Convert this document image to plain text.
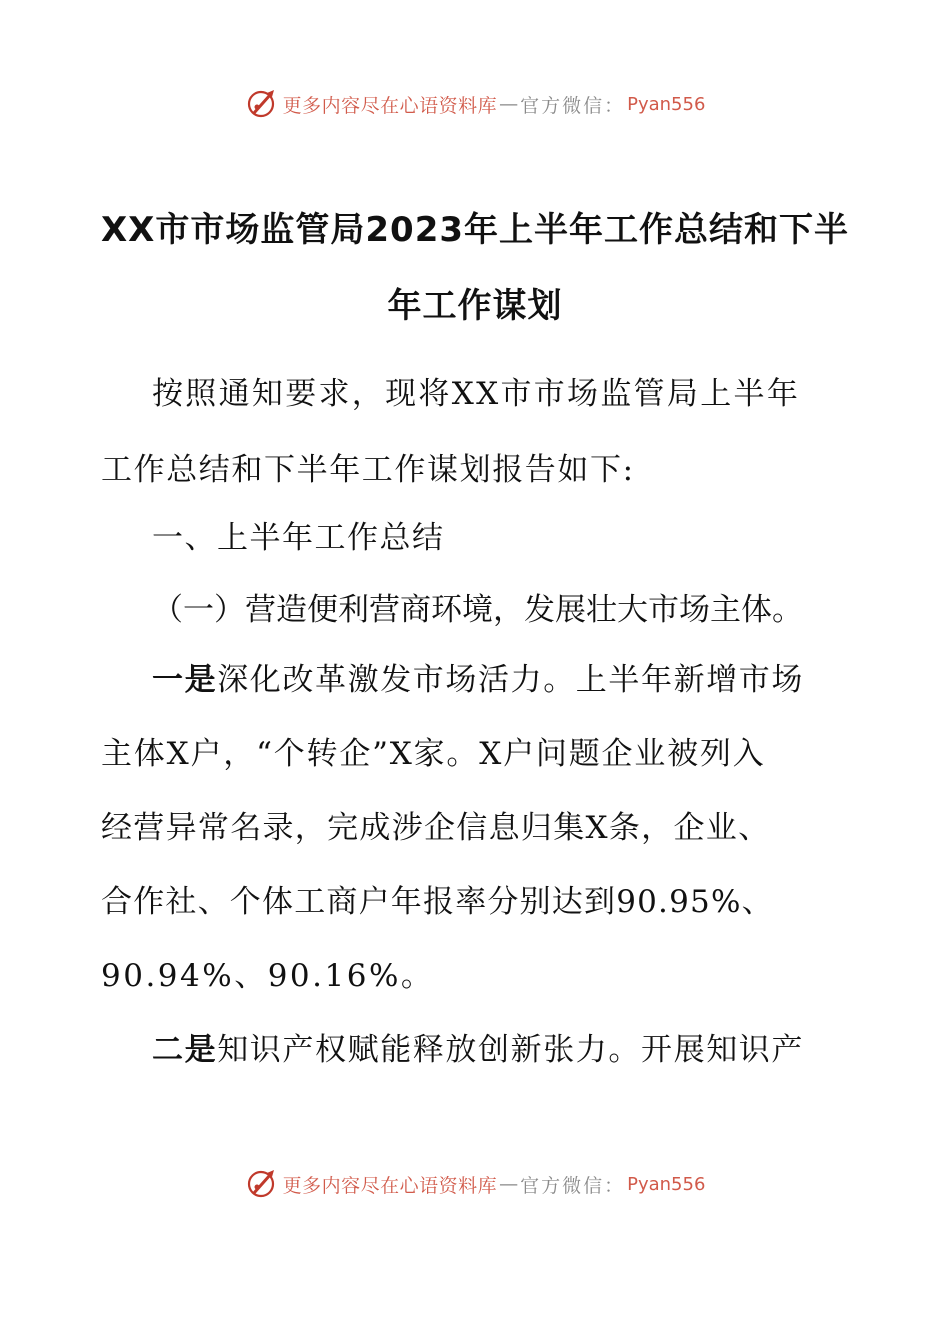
更多内容尽在心语资料库 — 官方微信： Pyan556
XX市市场监管局2023年上半年工作总结和下半
年工作谋划
按照通知要求，现将XX市市场监管局上半年
工作总结和下半年工作谋划报告如下:
一、上半年工作总结
（一）营造便利营商环境，发展壮大市场主体。
一是深化改革激发市场活力。上半年新增市场
主体X户，“个转企”X家。X户问题企业被列入
经营异常名录，完成涉企信息归集X条，企业、
合作社、个体工商户年报率分别达到90.95%、
90.94%、90.16%。
二是知识产权赋能释放创新张力。开展知识产
更多内容尽在心语资料库 — 官方微信： Pyan556
